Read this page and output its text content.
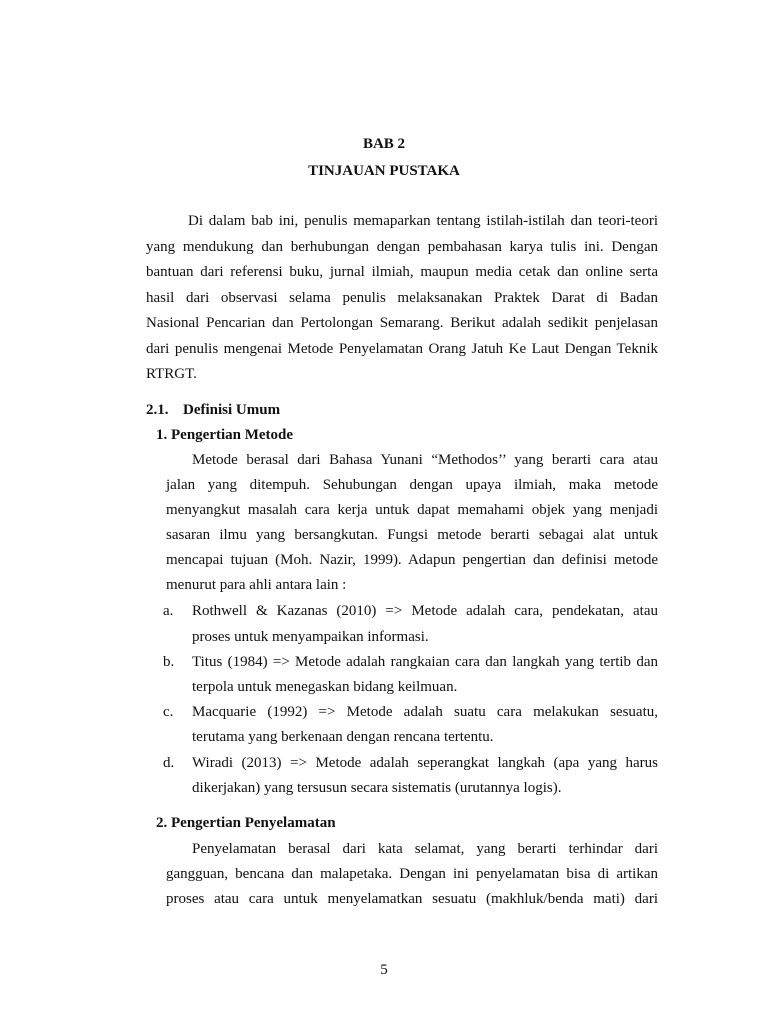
BAB 2
TINJAUAN PUSTAKA
Di dalam bab ini, penulis memaparkan tentang istilah-istilah dan teori-teori
yang mendukung dan berhubungan dengan pembahasan karya tulis ini. Dengan
bantuan dari referensi buku, jurnal ilmiah, maupun media cetak dan online serta
hasil dari observasi selama penulis melaksanakan Praktek Darat di Badan
Nasional Pencarian dan Pertolongan Semarang. Berikut adalah sedikit penjelasan
dari penulis mengenai Metode Penyelamatan Orang Jatuh Ke Laut Dengan Teknik
RTRGT.
2.1. Definisi Umum
1. Pengertian Metode
Metode berasal dari Bahasa Yunani “Methodos’’ yang berarti cara atau
jalan yang ditempuh. Sehubungan dengan upaya ilmiah, maka metode
menyangkut masalah cara kerja untuk dapat memahami objek yang menjadi
sasaran ilmu yang bersangkutan. Fungsi metode berarti sebagai alat untuk
mencapai tujuan (Moh. Nazir, 1999). Adapun pengertian dan definisi metode
menurut para ahli antara lain :
a. Rothwell & Kazanas (2010) => Metode adalah cara, pendekatan, atau
proses untuk menyampaikan informasi.
b. Titus (1984) => Metode adalah rangkaian cara dan langkah yang tertib dan
terpola untuk menegaskan bidang keilmuan.
c. Macquarie (1992) => Metode adalah suatu cara melakukan sesuatu,
terutama yang berkenaan dengan rencana tertentu.
d. Wiradi (2013) => Metode adalah seperangkat langkah (apa yang harus
dikerjakan) yang tersusun secara sistematis (urutannya logis).
2. Pengertian Penyelamatan
Penyelamatan berasal dari kata selamat, yang berarti terhindar dari
gangguan, bencana dan malapetaka. Dengan ini penyelamatan bisa di artikan
proses atau cara untuk menyelamatkan sesuatu (makhluk/benda mati) dari
5
